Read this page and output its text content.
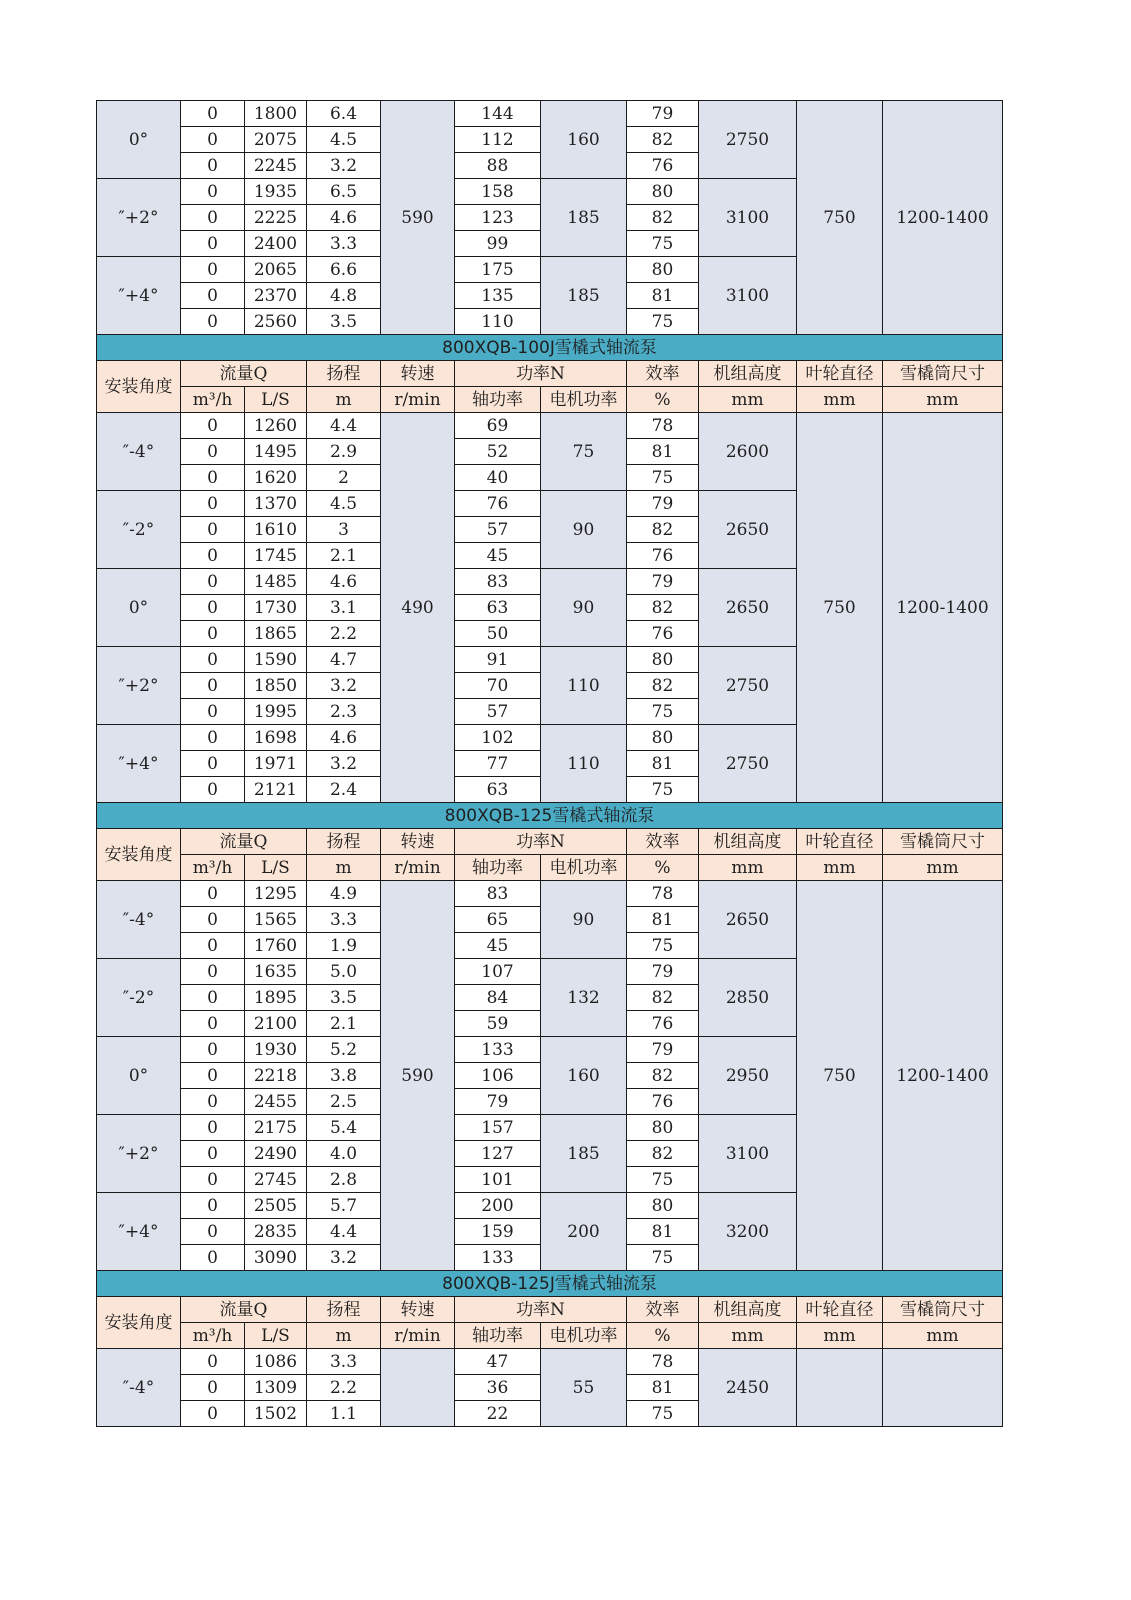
0°	0	1800	6.4	590	144	160	79	2750	750	1200-1400
	0	2075	4.5		112		82			
	0	2245	3.2		88		76			
″+2°	0	1935	6.5		158	185	80	3100		
	0	2225	4.6		123		82			
	0	2400	3.3		99		75			
″+4°	0	2065	6.6		175	185	80	3100		
	0	2370	4.8		135		81			
	0	2560	3.5		110		75			
800XQB-100J雪橇式轴流泵										
安装角度	流量Q		扬程	转速	功率N		效率	机组高度	叶轮直径	雪橇筒尺寸
	m³/h	L/S	m	r/min	轴功率	电机功率	%	mm	mm	mm
″-4°	0	1260	4.4	490	69	75	78	2600	750	1200-1400
	0	1495	2.9		52		81			
	0	1620	2		40		75			
″-2°	0	1370	4.5		76	90	79	2650		
	0	1610	3		57		82			
	0	1745	2.1		45		76			
0°	0	1485	4.6		83	90	79	2650		
	0	1730	3.1		63		82			
	0	1865	2.2		50		76			
″+2°	0	1590	4.7		91	110	80	2750		
	0	1850	3.2		70		82			
	0	1995	2.3		57		75			
″+4°	0	1698	4.6		102	110	80	2750		
	0	1971	3.2		77		81			
	0	2121	2.4		63		75			
800XQB-125雪橇式轴流泵										
安装角度	流量Q		扬程	转速	功率N		效率	机组高度	叶轮直径	雪橇筒尺寸
	m³/h	L/S	m	r/min	轴功率	电机功率	%	mm	mm	mm
″-4°	0	1295	4.9	590	83	90	78	2650	750	1200-1400
	0	1565	3.3		65		81			
	0	1760	1.9		45		75			
″-2°	0	1635	5.0		107	132	79	2850		
	0	1895	3.5		84		82			
	0	2100	2.1		59		76			
0°	0	1930	5.2		133	160	79	2950		
	0	2218	3.8		106		82			
	0	2455	2.5		79		76			
″+2°	0	2175	5.4		157	185	80	3100		
	0	2490	4.0		127		82			
	0	2745	2.8		101		75			
″+4°	0	2505	5.7		200	200	80	3200		
	0	2835	4.4		159		81			
	0	3090	3.2		133		75			
800XQB-125J雪橇式轴流泵										
安装角度	流量Q		扬程	转速	功率N		效率	机组高度	叶轮直径	雪橇筒尺寸
	m³/h	L/S	m	r/min	轴功率	电机功率	%	mm	mm	mm
″-4°	0	1086	3.3		47	55	78	2450		
	0	1309	2.2		36		81			
	0	1502	1.1		22		75			
